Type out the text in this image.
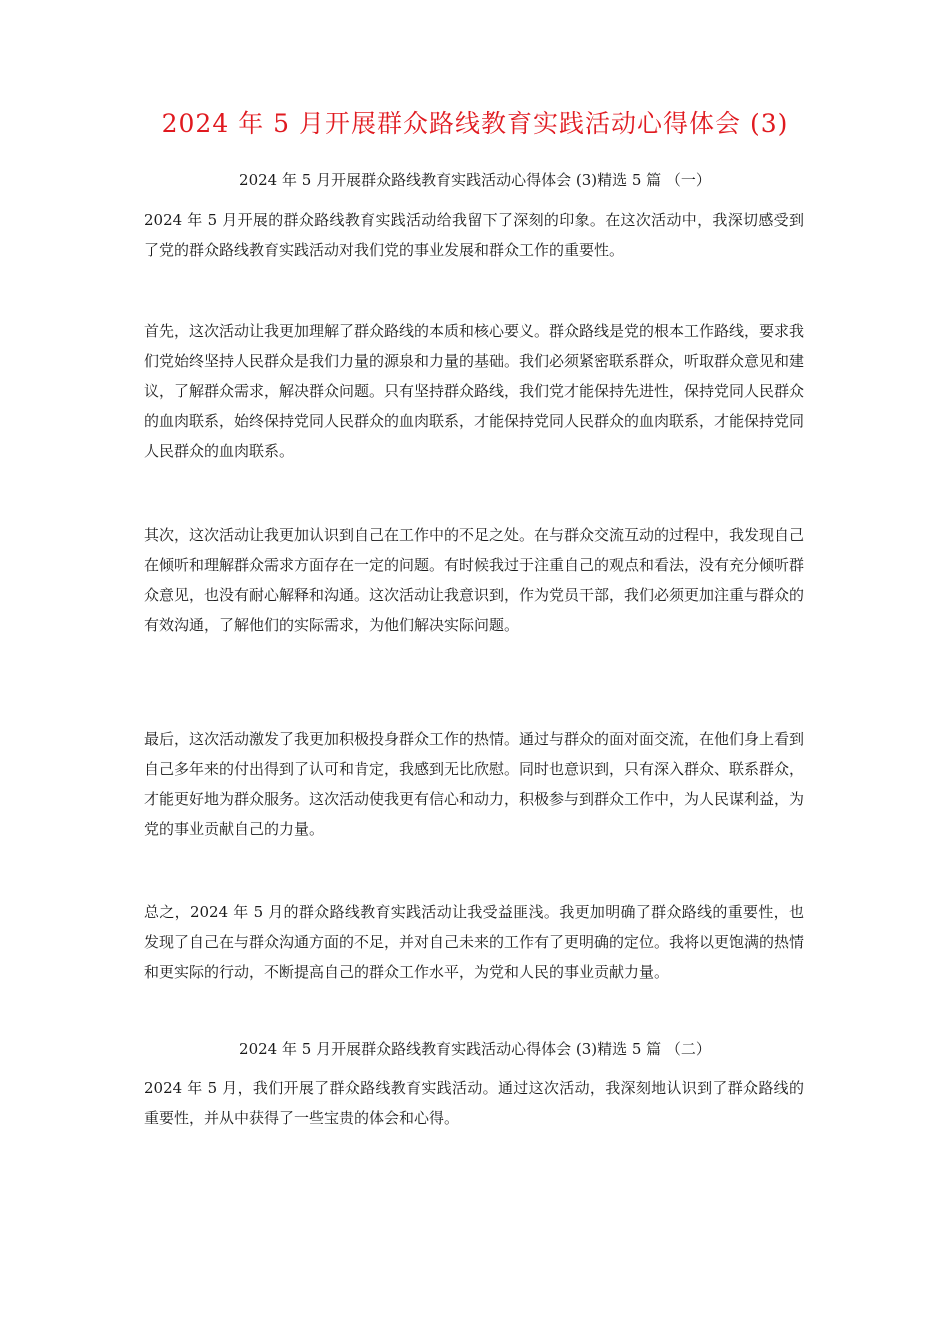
2024 年 5 月开展群众路线教育实践活动心得体会 (3)
2024 年 5 月开展群众路线教育实践活动心得体会 (3)精选 5 篇 （一）

2024 年 5 月开展的群众路线教育实践活动给我留下了深刻的印象。在这次活动中，我深切感受到了党的群众路线教育实践活动对我们党的事业发展和群众工作的重要性。

首先，这次活动让我更加理解了群众路线的本质和核心要义。群众路线是党的根本工作路线，要求我们党始终坚持人民群众是我们力量的源泉和力量的基础。我们必须紧密联系群众，听取群众意见和建议，了解群众需求，解决群众问题。只有坚持群众路线，我们党才能保持先进性，保持党同人民群众的血肉联系，始终保持党同人民群众的血肉联系，才能保持党同人民群众的血肉联系，才能保持党同人民群众的血肉联系。

其次，这次活动让我更加认识到自己在工作中的不足之处。在与群众交流互动的过程中，我发现自己在倾听和理解群众需求方面存在一定的问题。有时候我过于注重自己的观点和看法，没有充分倾听群众意见，也没有耐心解释和沟通。这次活动让我意识到，作为党员干部，我们必须更加注重与群众的有效沟通，了解他们的实际需求，为他们解决实际问题。

最后，这次活动激发了我更加积极投身群众工作的热情。通过与群众的面对面交流，在他们身上看到自己多年来的付出得到了认可和肯定，我感到无比欣慰。同时也意识到，只有深入群众、联系群众，才能更好地为群众服务。这次活动使我更有信心和动力，积极参与到群众工作中，为人民谋利益，为党的事业贡献自己的力量。

总之，2024 年 5 月的群众路线教育实践活动让我受益匪浅。我更加明确了群众路线的重要性，也发现了自己在与群众沟通方面的不足，并对自己未来的工作有了更明确的定位。我将以更饱满的热情和更实际的行动，不断提高自己的群众工作水平，为党和人民的事业贡献力量。

2024 年 5 月开展群众路线教育实践活动心得体会 (3)精选 5 篇 （二）

2024 年 5 月，我们开展了群众路线教育实践活动。通过这次活动，我深刻地认识到了群众路线的重要性，并从中获得了一些宝贵的体会和心得。
